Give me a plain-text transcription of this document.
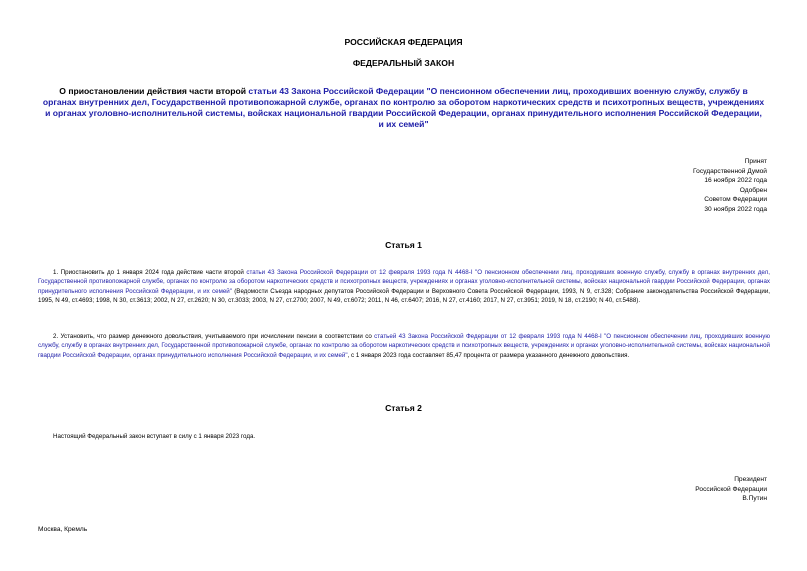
РОССИЙСКАЯ ФЕДЕРАЦИЯ
ФЕДЕРАЛЬНЫЙ ЗАКОН
О приостановлении действия части второй статьи 43 Закона Российской Федерации "О пенсионном обеспечении лиц, проходивших военную службу, службу в органах внутренних дел, Государственной противопожарной службе, органах по контролю за оборотом наркотических средств и психотропных веществ, учреждениях и органах уголовно-исполнительной системы, войсках национальной гвардии Российской Федерации, органах принудительного исполнения Российской Федерации, и их семей"
Принят
Государственной Думой
16 ноября 2022 года
Одобрен
Советом Федерации
30 ноября 2022 года
Статья 1
1. Приостановить до 1 января 2024 года действие части второй статьи 43 Закона Российской Федерации от 12 февраля 1993 года N 4468-I "О пенсионном обеспечении лиц, проходивших военную службу, службу в органах внутренних дел, Государственной противопожарной службе, органах по контролю за оборотом наркотических средств и психотропных веществ, учреждениях и органах уголовно-исполнительной системы, войсках национальной гвардии Российской Федерации, органах принудительного исполнения Российской Федерации, и их семей" (Ведомости Съезда народных депутатов Российской Федерации и Верховного Совета Российской Федерации, 1993, N 9, ст.328; Собрание законодательства Российской Федерации, 1995, N 49, ст.4693; 1998, N 30, ст.3613; 2002, N 27, ст.2620; N 30, ст.3033; 2003, N 27, ст.2700; 2007, N 49, ст.6072; 2011, N 46, ст.6407; 2016, N 27, ст.4160; 2017, N 27, ст.3951; 2019, N 18, ст.2190; N 40, ст.5488).
2. Установить, что размер денежного довольствия, учитываемого при исчислении пенсии в соответствии со статьей 43 Закона Российской Федерации от 12 февраля 1993 года N 4468-I "О пенсионном обеспечении лиц, проходивших военную службу, службу в органах внутренних дел, Государственной противопожарной службе, органах по контролю за оборотом наркотических средств и психотропных веществ, учреждениях и органах уголовно-исполнительной системы, войсках национальной гвардии Российской Федерации, органах принудительного исполнения Российской Федерации, и их семей", с 1 января 2023 года составляет 85,47 процента от размера указанного денежного довольствия.
Статья 2
Настоящий Федеральный закон вступает в силу с 1 января 2023 года.
Президент
Российской Федерации
В.Путин
Москва, Кремль
